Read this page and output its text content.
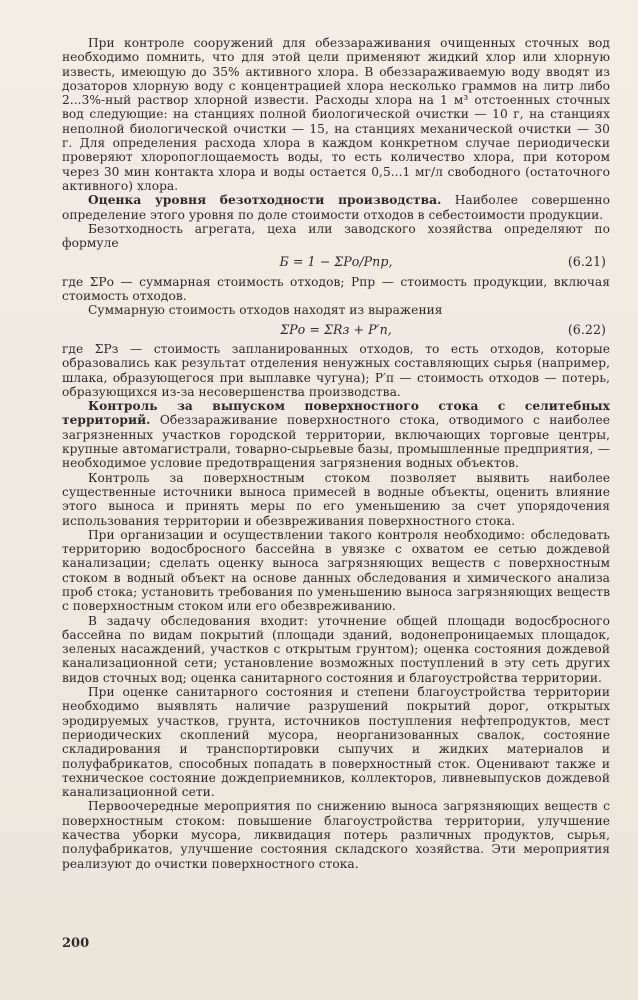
При контроле сооружений для обеззараживания очищенных сточных вод необходимо помнить, что для этой цели применяют жидкий хлор или хлорную известь, имеющую до 35% активного хлора. В обеззараживаемую воду вводят из дозаторов хлорную воду с концентрацией хлора несколько граммов на литр либо 2...3%-ный раствор хлорной извести. Расходы хлора на 1 м³ отстоенных сточных вод следующие: на станциях полной биологической очистки — 10 г, на станциях неполной биологической очистки — 15, на станциях механической очистки — 30 г. Для определения расхода хлора в каждом конкретном случае периодически проверяют хлоропоглощаемость воды, то есть количество хлора, при котором через 30 мин контакта хлора и воды остается 0,5...1 мг/л свободного (остаточного активного) хлора.

Оценка уровня безотходности производства. Наиболее совершенно определение этого уровня по доле стоимости отходов в себестоимости продукции.

Безотходность агрегата, цеха или заводского хозяйства определяют по формуле

Б = 1 − ΣPо/Pпр,	(6.21)

где ΣPо — суммарная стоимость отходов; Pпр — стоимость продукции, включая стоимость отходов.

Суммарную стоимость отходов находят из выражения

ΣPо = ΣRз + P′п,	(6.22)

где ΣPз — стоимость запланированных отходов, то есть отходов, которые образовались как результат отделения ненужных составляющих сырья (например, шлака, образующегося при выплавке чугуна); P′п — стоимость отходов — потерь, образующихся из-за несовершенства производства.

Контроль за выпуском поверхностного стока с селитебных территорий. Обеззараживание поверхностного стока, отводимого с наиболее загрязненных участков городской территории, включающих торговые центры, крупные автомагистрали, товарно-сырьевые базы, промышленные предприятия, — необходимое условие предотвращения загрязнения водных объектов.

Контроль за поверхностным стоком позволяет выявить наиболее существенные источники выноса примесей в водные объекты, оценить влияние этого выноса и принять меры по его уменьшению за счет упорядочения использования территории и обезвреживания поверхностного стока.

При организации и осуществлении такого контроля необходимо: обследовать территорию водосбросного бассейна в увязке с охватом ее сетью дождевой канализации; сделать оценку выноса загрязняющих веществ с поверхностным стоком в водный объект на основе данных обследования и химического анализа проб стока; установить требования по уменьшению выноса загрязняющих веществ с поверхностным стоком или его обезвреживанию.

В задачу обследования входит: уточнение общей площади водосбросного бассейна по видам покрытий (площади зданий, водонепроницаемых площадок, зеленых насаждений, участков с открытым грунтом); оценка состояния дождевой канализационной сети; установление возможных поступлений в эту сеть других видов сточных вод; оценка санитарного состояния и благоустройства территории.

При оценке санитарного состояния и степени благоустройства территории необходимо выявлять наличие разрушений покрытий дорог, открытых эродируемых участков, грунта, источников поступления нефтепродуктов, мест периодических скоплений мусора, неорганизованных свалок, состояние складирования и транспортировки сыпучих и жидких материалов и полуфабрикатов, способных попадать в поверхностный сток. Оценивают также и техническое состояние дождеприемников, коллекторов, ливневыпусков дождевой канализационной сети.

Первоочередные мероприятия по снижению выноса загрязняющих веществ с поверхностным стоком: повышение благоустройства территории, улучшение качества уборки мусора, ликвидация потерь различных продуктов, сырья, полуфабрикатов, улучшение состояния складского хозяйства. Эти мероприятия реализуют до очистки поверхностного стока.

200
